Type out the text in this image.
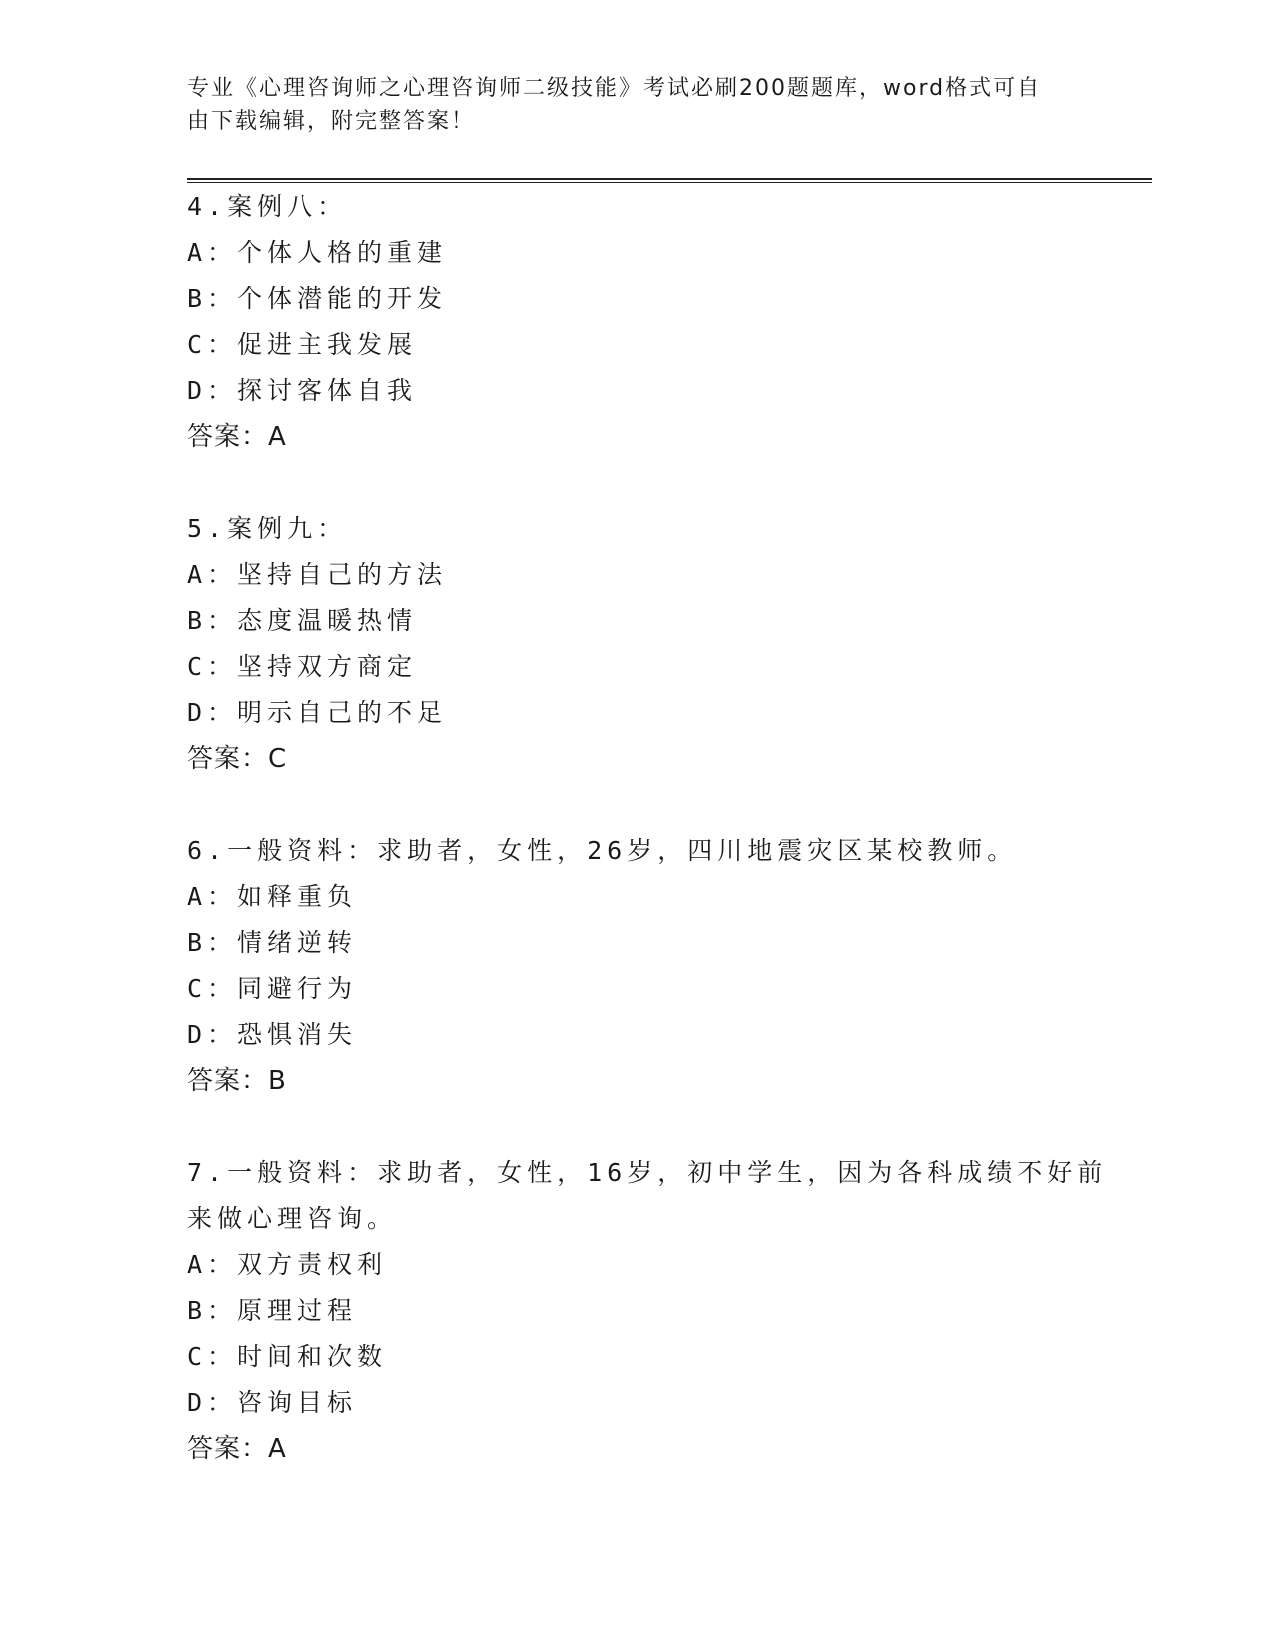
专业《心理咨询师之心理咨询师二级技能》考试必刷200题题库，word格式可自
由下载编辑，附完整答案！
4.案例八：
A：个体人格的重建
B：个体潜能的开发
C：促进主我发展
D：探讨客体自我
答案：A
5.案例九：
A：坚持自己的方法
B：态度温暖热情
C：坚持双方商定
D：明示自己的不足
答案：C
6.一般资料：求助者，女性，26岁，四川地震灾区某校教师。
A：如释重负
B：情绪逆转
C：同避行为
D：恐惧消失
答案：B
7.一般资料：求助者，女性，16岁，初中学生，因为各科成绩不好前
来做心理咨询。
A：双方责权利
B：原理过程
C：时间和次数
D：咨询目标
答案：A
